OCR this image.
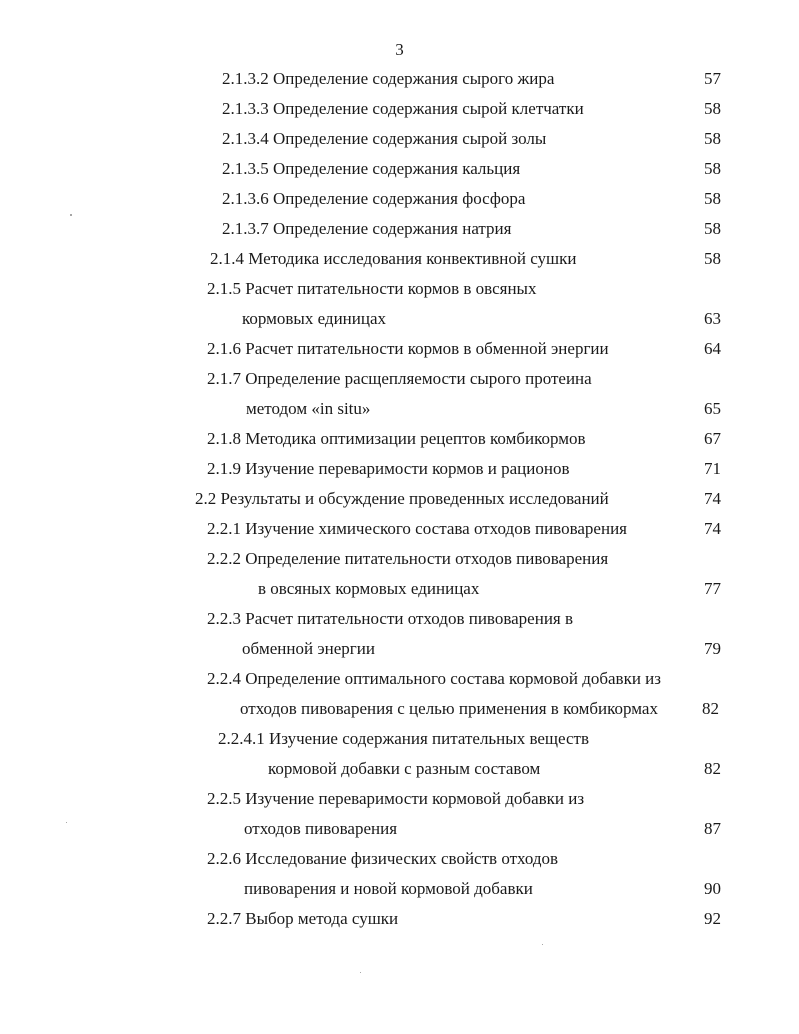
3
2.1.3.2 Определение содержания сырого жира	57
2.1.3.3 Определение содержания сырой клетчатки	58
2.1.3.4 Определение содержания сырой золы	58
2.1.3.5 Определение содержания кальция	58
2.1.3.6 Определение содержания фосфора	58
2.1.3.7 Определение содержания натрия	58
2.1.4 Методика исследования конвективной сушки	58
2.1.5 Расчет питательности кормов в овсяных
кормовых единицах	63
2.1.6 Расчет питательности кормов в обменной энергии	64
2.1.7 Определение расщепляемости сырого протеина
методом «in situ»	65
2.1.8 Методика оптимизации рецептов комбикормов	67
2.1.9 Изучение переваримости кормов и рационов	71
2.2 Результаты и обсуждение проведенных исследований	74
2.2.1 Изучение химического состава отходов пивоварения	74
2.2.2 Определение питательности отходов пивоварения
в овсяных кормовых единицах	77
2.2.3 Расчет питательности отходов пивоварения в
обменной энергии	79
2.2.4 Определение оптимального состава кормовой добавки из
отходов пивоварения с целью применения в комбикормах	82
2.2.4.1 Изучение содержания питательных веществ
кормовой добавки с разным составом	82
2.2.5 Изучение переваримости кормовой добавки из
отходов пивоварения	87
2.2.6 Исследование физических свойств отходов
пивоварения и новой кормовой добавки	90
2.2.7 Выбор метода сушки	92
